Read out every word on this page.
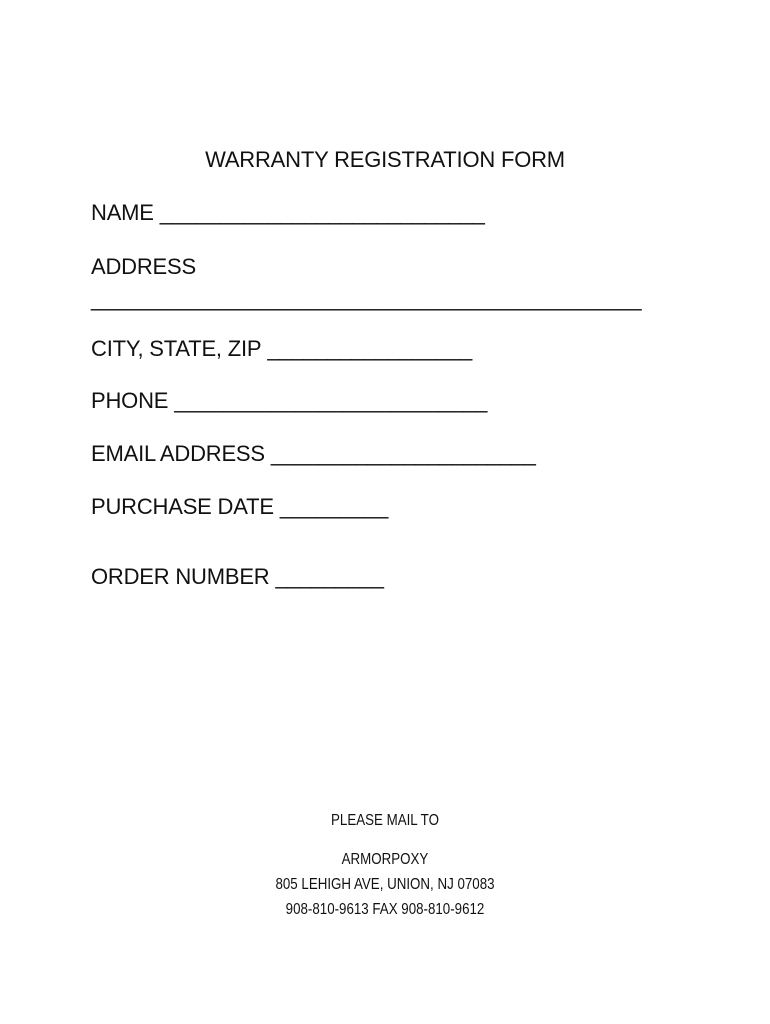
WARRANTY REGISTRATION FORM
NAME ___________________________
ADDRESS
_____________________________________________
CITY, STATE, ZIP _________________
PHONE __________________________
EMAIL ADDRESS ______________________
PURCHASE DATE _________
ORDER NUMBER _________
PLEASE MAIL TO
ARMORPOXY
805 LEHIGH AVE, UNION, NJ 07083
908-810-9613 FAX 908-810-9612
